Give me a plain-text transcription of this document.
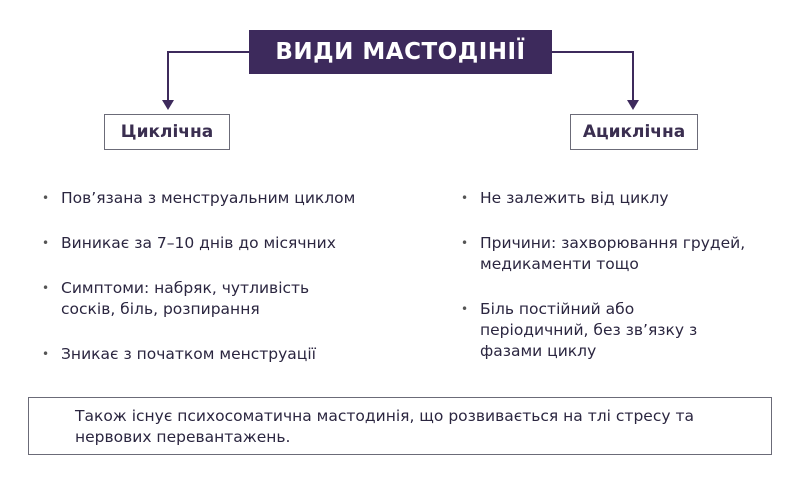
ВИДИ МАСТОДІНІЇ
Циклічна	Ациклічна
• Пов’язана з менструальним циклом
• Виникає за 7–10 днів до місячних
• Симптоми: набряк, чутливість сосків, біль, розпирання
• Зникає з початком менструації
• Не залежить від циклу
• Причини: захворювання грудей, медикаменти тощо
• Біль постійний або періодичний, без зв’язку з фазами циклу
Також існує психосоматична мастодинія, що розвивається на тлі стресу та нервових перевантажень.
